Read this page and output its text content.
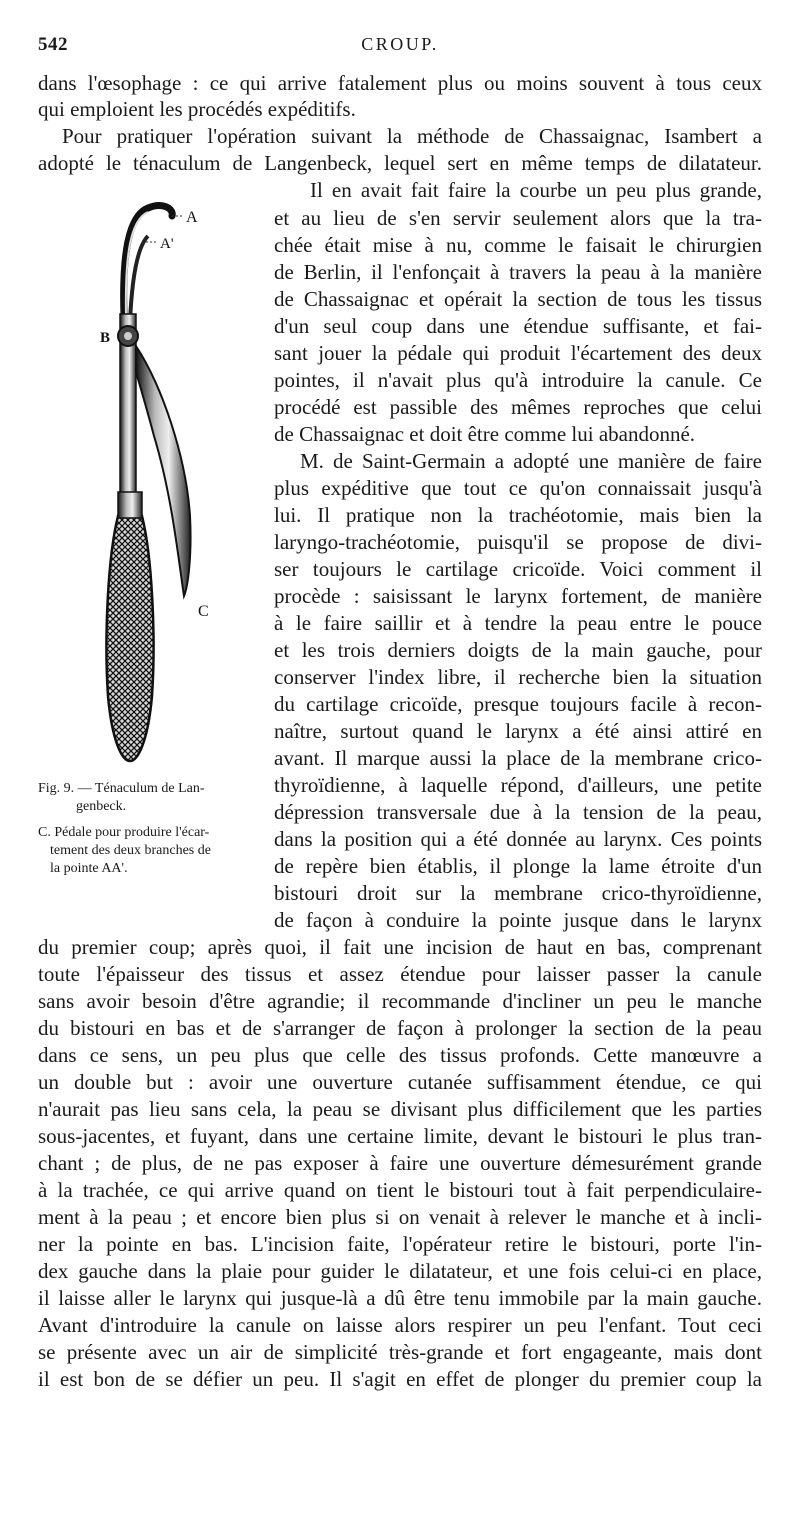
542	CROUP.
dans l'œsophage : ce qui arrive fatalement plus ou moins souvent à tous ceux
qui emploient les procédés expéditifs.
Pour pratiquer l'opération suivant la méthode de Chassaignac, Isambert a
adopté le ténaculum de Langenbeck, lequel sert en même temps de dilatateur.
Il en avait fait faire la courbe un peu plus grande,
et au lieu de s'en servir seulement alors que la tra-
chée était mise à nu, comme le faisait le chirurgien
de Berlin, il l'enfonçait à travers la peau à la manière
de Chassaignac et opérait la section de tous les tissus
d'un seul coup dans une étendue suffisante, et fai-
sant jouer la pédale qui produit l'écartement des deux
pointes, il n'avait plus qu'à introduire la canule. Ce
procédé est passible des mêmes reproches que celui
de Chassaignac et doit être comme lui abandonné.
M. de Saint-Germain a adopté une manière de faire
plus expéditive que tout ce qu'on connaissait jusqu'à
lui. Il pratique non la trachéotomie, mais bien la
laryngo-trachéotomie, puisqu'il se propose de divi-
ser toujours le cartilage cricoïde. Voici comment il
procède : saisissant le larynx fortement, de manière
à le faire saillir et à tendre la peau entre le pouce
et les trois derniers doigts de la main gauche, pour
conserver l'index libre, il recherche bien la situation
du cartilage cricoïde, presque toujours facile à recon-
naître, surtout quand le larynx a été ainsi attiré en
avant. Il marque aussi la place de la membrane crico-
thyroïdienne, à laquelle répond, d'ailleurs, une petite
dépression transversale due à la tension de la peau,
dans la position qui a été donnée au larynx. Ces points
de repère bien établis, il plonge la lame étroite d'un
bistouri droit sur la membrane crico-thyroïdienne,
de façon à conduire la pointe jusque dans le larynx
du premier coup; après quoi, il fait une incision de haut en bas, comprenant
toute l'épaisseur des tissus et assez étendue pour laisser passer la canule
sans avoir besoin d'être agrandie; il recommande d'incliner un peu le manche
du bistouri en bas et de s'arranger de façon à prolonger la section de la peau
dans ce sens, un peu plus que celle des tissus profonds. Cette manœuvre a
un double but : avoir une ouverture cutanée suffisamment étendue, ce qui
n'aurait pas lieu sans cela, la peau se divisant plus difficilement que les parties
sous-jacentes, et fuyant, dans une certaine limite, devant le bistouri le plus tran-
chant ; de plus, de ne pas exposer à faire une ouverture démesurément grande
à la trachée, ce qui arrive quand on tient le bistouri tout à fait perpendiculaire-
ment à la peau ; et encore bien plus si on venait à relever le manche et à incli-
ner la pointe en bas. L'incision faite, l'opérateur retire le bistouri, porte l'in-
dex gauche dans la plaie pour guider le dilatateur, et une fois celui-ci en place,
il laisse aller le larynx qui jusque-là a dû être tenu immobile par la main gauche.
Avant d'introduire la canule on laisse alors respirer un peu l'enfant. Tout ceci
se présente avec un air de simplicité très-grande et fort engageante, mais dont
il est bon de se défier un peu. Il s'agit en effet de plonger du premier coup la
A
A'
B
C
Fig. 9. — Ténaculum de Lan-
genbeck.
C. Pédale pour produire l'écar-
tement des deux branches de
la pointe AA'.
